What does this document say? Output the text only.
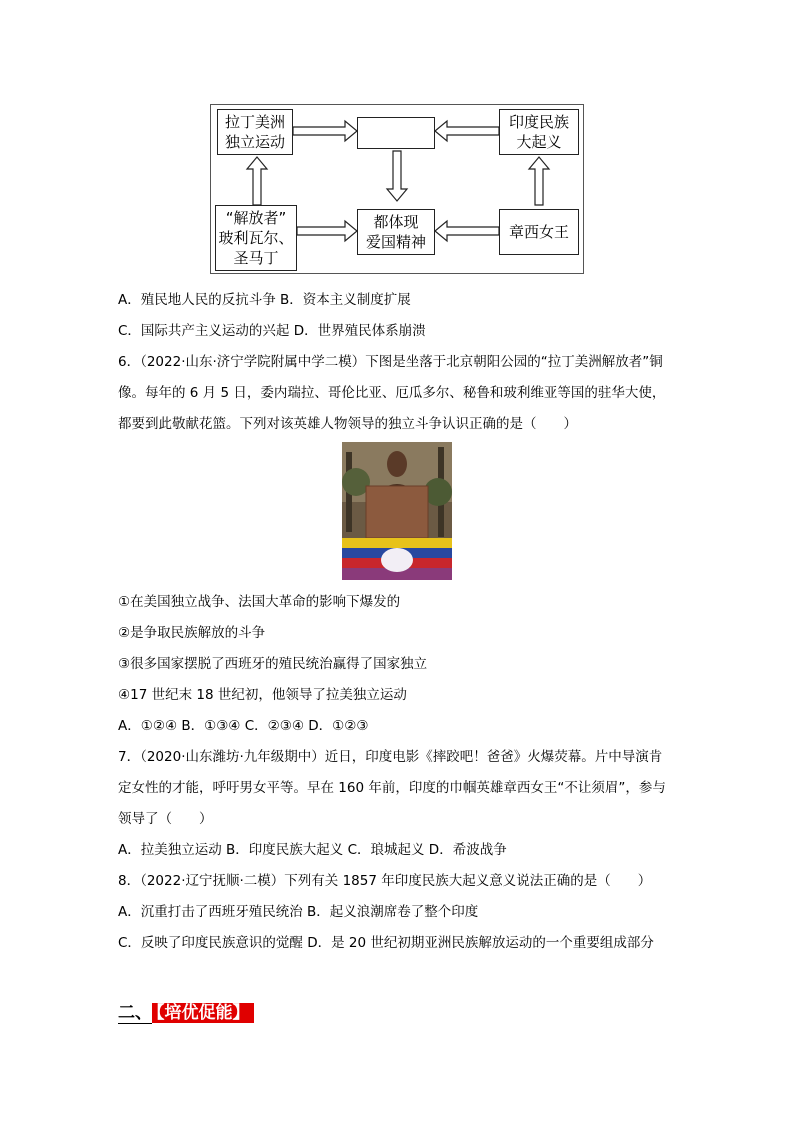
拉丁美洲
独立运动
印度民族
大起义
“解放者”
玻利瓦尔、
圣马丁
都体现
爱国精神
章西女王
A．殖民地人民的反抗斗争 B．资本主义制度扩展
C．国际共产主义运动的兴起 D．世界殖民体系崩溃
6．（2022·山东·济宁学院附属中学二模）下图是坐落于北京朝阳公园的“拉丁美洲解放者”铜
像。每年的 6 月 5 日，委内瑞拉、哥伦比亚、厄瓜多尔、秘鲁和玻利维亚等国的驻华大使，
都要到此敬献花篮。下列对该英雄人物领导的独立斗争认识正确的是（　　）
①在美国独立战争、法国大革命的影响下爆发的
②是争取民族解放的斗争
③很多国家摆脱了西班牙的殖民统治赢得了国家独立
④17 世纪末 18 世纪初，他领导了拉美独立运动
A．①②④ B．①③④ C．②③④ D．①②③
7．（2020·山东潍坊·九年级期中）近日，印度电影《摔跤吧！爸爸》火爆荧幕。片中导演肯
定女性的才能，呼吁男女平等。早在 160 年前，印度的巾帼英雄章西女王“不让须眉”，参与
领导了（　　）
A．拉美独立运动 B．印度民族大起义 C．琅城起义 D．希波战争
8．（2022·辽宁抚顺·二模）下列有关 1857 年印度民族大起义意义说法正确的是（　　）
A．沉重打击了西班牙殖民统治 B．起义浪潮席卷了整个印度
C．反映了印度民族意识的觉醒 D．是 20 世纪初期亚洲民族解放运动的一个重要组成部分
二、 【培优促能】
